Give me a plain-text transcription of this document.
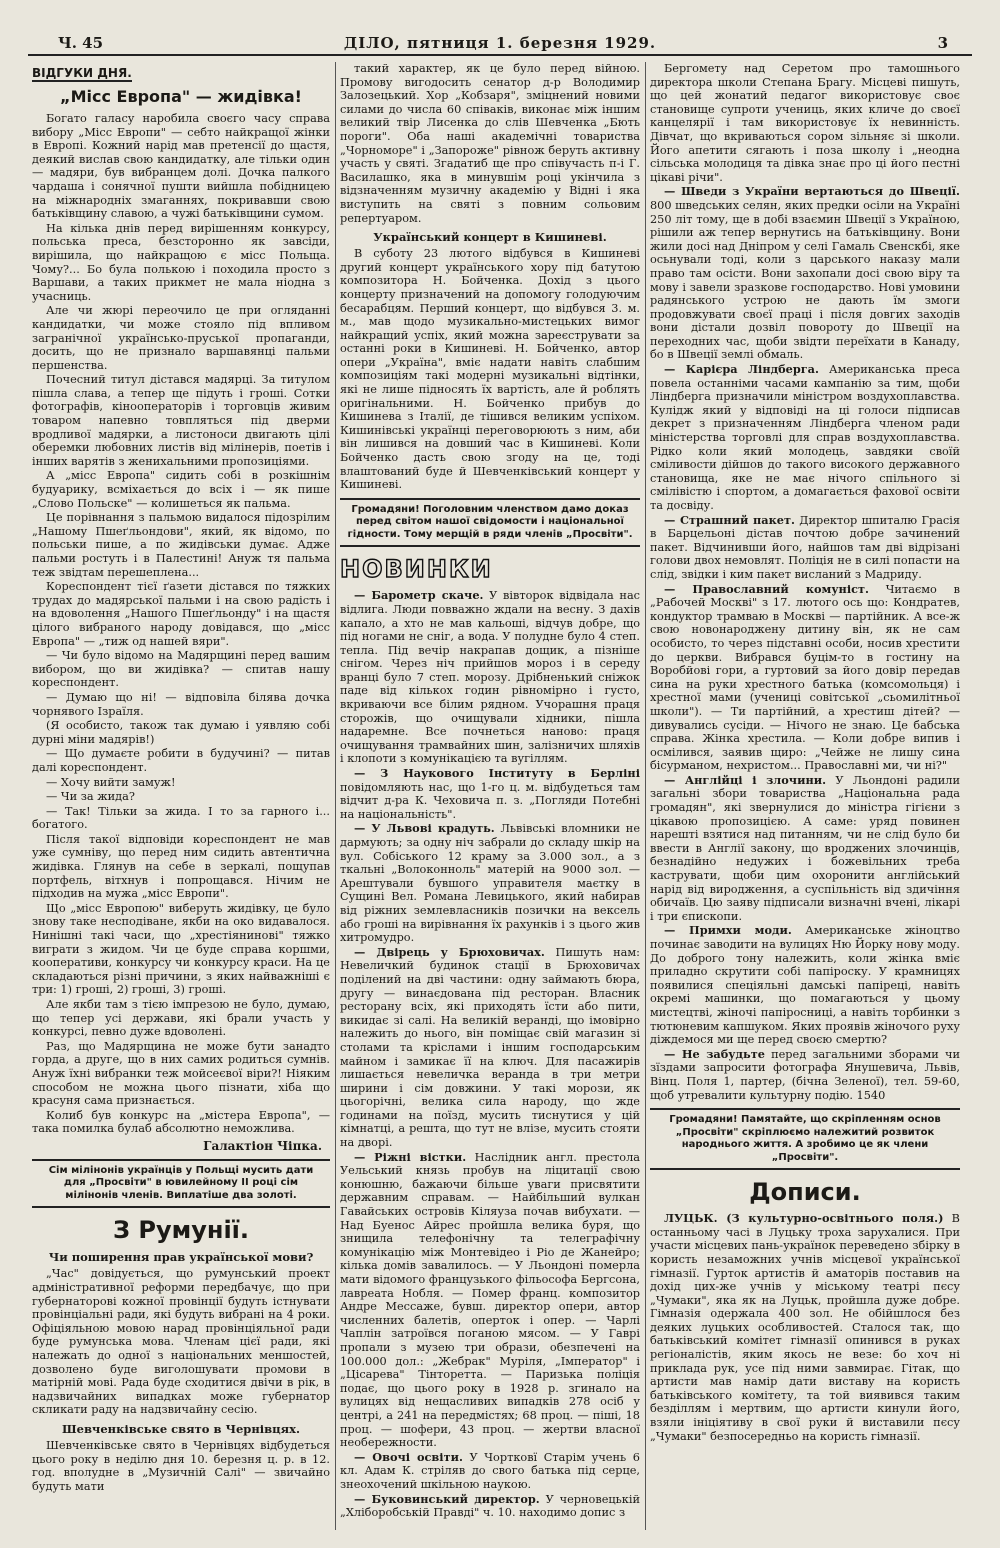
Ч. 45	ДІЛО, пятниця 1. березня 1929.	3
ВІДГУКИ ДНЯ.
„Місс Европа" — жидівка!

Богато галасу наробила своєго часу справа вибору „Місс Европи" — себто найкращої жінки в Европі. Кожний нарід мав претенсії до щастя, деякий вислав свою кандидатку, але тільки один — мадяри, був вибранцем долі. Дочка палкого чардаша і сонячної пушти вийшла побідницею на міжнародніх змаганнях, покривавши свою батьківщину славою, а чужі батьківщини сумом.

На кілька днів перед вирішенням конкурсу, польська преса, безсторонно як завсіди, вирішила, що найкращою є місс Польща. Чому?... Бо була полькою і походила просто з Варшави, а таких прикмет не мала ніодна з учасниць.

Але чи жюрі переочило це при огляданні кандидатки, чи може стояло під впливом загранічної українсько-пруської пропаганди, досить, що не признало варшавянці пальми першенства.

Почесний титул дістався мадярці. За титулом пішла слава, а тепер ще підуть і гроші. Сотки фотографів, кінооператорів і торговців живим товаром напевно товпляться під дверми вродливої мадярки, а листоноси двигають цілі оберемки любовних листів від мілінерів, поетів і інших варятів з женихальними пропозиціями.

А „місс Европа" сидить собі в розкішнім будуарику, всміхається до всіх і — як пише „Слово Польске" — колишеться як пальма.

Це порівнання з пальмою видалося підозрілим „Нашому Пшеґльондови", який, як відомо, по польськи пише, а по жидівськи думає. Адже пальми ростуть і в Палестині! Ануж тя пальма теж звідтам перешеплена...

Кореспондент тієї ґазети дістався по тяжких трудах до мадярської пальми і на свою радість і на вдоволення „Нашого Пшеґльонду" і на щастя цілого вибраного народу довідався, що „місс Европа" — „тиж од нашей вяри".

— Чи було відомо на Мадярщині перед вашим вибором, що ви жидівка? — спитав нашу кореспондент.

— Думаю що ні! — відповіла білява дочка чорнявого Ізраїля.

(Я особисто, також так думаю і уявляю собі дурні міни мадярів!)

— Що думаєте робити в будучині? — питав далі кореспондент.

— Хочу вийти замуж!

— Чи за жида?

— Так! Тільки за жида. І то за гарного і... богатого.

Після такої відповіди кореспондент не мав уже сумніву, що перед ним сидить автентична жидівка. Глянув на себе в зеркалі, пощупав портфель, вітхнув і попрощався. Нічим не підходив на мужа „місс Европи".

Що „місс Европою" виберуть жидівку, це було знову таке несподіване, якби на око видавалося. Нинішні такі часи, що „хрестіянинові" тяжко виграти з жидом. Чи це буде справа коршми, кооперативи, конкурсу чи конкурсу краси. На це складаються різні причини, з яких найважніші є три: 1) гроші, 2) гроші, 3) гроші.

Але якби там з тією імпрезою не було, думаю, що тепер усі держави, які брали участь у конкурсі, певно дуже вдоволені.

Раз, що Мадярщина не може бути занадто горда, а друге, що в них самих родиться сумнів. Ануж їхні вибранки теж мойсеєвої віри?! Ніяким способом не можна цього пізнати, хіба що красуня сама признається.

Колиб був конкурс на „містера Европа", — така помилка булаб абсолютно неможлива.

Галактіон Чіпка.
Сім мілінонів українців у Польщі мусить дати для „Просвіти" в ювилейному ІІ році сім мілінонів членів. Виплатіше два золоті.
З Румунії.
Чи поширення прав української мови?

„Час" довідується, що румунський проект адміністративної реформи передбачує, що при губернаторові кожної провінції будуть істнувати провінціальні ради, які будуть вибрані на 4 роки. Офіціяльною мовою нарад провінціяльної ради буде румунська мова. Членам цієї ради, які належать до одної з національних меншостей, дозволено буде виголошувати промови в матірній мові. Рада буде сходитися двічи в рік, в надзвичайних випадках може губернатор скликати раду на надзвичайну сесію.

Шевченківське свято в Чернівцях.

Шевченківське свято в Чернівцях відбудеться цього року в неділю дня 10. березня ц. р. в 12. год. вполудне в „Музичній Салі" — звичайно будуть мати

такий характер, як це було перед війною. Промову вигодосить сенатор д-р Володимир Залозецький. Хор „Кобзаря", зміцнений новими силами до числа 60 співаків, виконає між іншим великий твір Лисенка до слів Шевченка „Бють пороги". Оба наші академічні товариства „Чорноморе" і „Запороже" рівнож беруть активну участь у святі. Згадатиб ще про співучасть п-і Г. Василашко, яка в минувшім році укінчила з відзначенням музичну академію у Відні і яка виступить на святі з повним сольовим репертуаром.

Український концерт в Кишиневі.

В суботу 23 лютого відбувся в Кишиневі другий концерт українського хору під батутою композитора Н. Бойченка. Дохід з цього концерту призначений на допомогу голодуючим бесарабцям. Перший концерт, що відбувся 3. м. м., мав щодо музикально-мистецьких вимог найкращий успіх, який можна зареєструвати за останні роки в Кишиневі. Н. Бойченко, автор опери „Україна", вміє надати навіть слабшим композиціям такі модерні музикальні відтінки, які не лише підносять їх вартість, але й роблять оригінальними. Н. Бойченко прибув до Кишинева з Італії, де тішився великим успіхом. Кишинівські українці переговорюють з ним, аби він лишився на довший час в Кишиневі. Коли Бойченко дасть свою згоду на це, тоді влаштований буде й Шевченківський концерт у Кишиневі.

Громадяни! Поголовним членством дамо доказ перед світом нашої свідомости і національної гідности. Тому мерщій в ряди членів „Просвіти".
НОВИНКИ

— Барометр скаче. У вівторок відвідала нас відлига. Люди повважно ждали на весну. З дахів капало, а хто не мав кальоші, відчув добре, що під ногами не сніг, а вода. У полудне було 4 степ. тепла. Під вечір накрапав дощик, а пізніше снігом. Через ніч прийшов мороз і в середу вранці було 7 степ. морозу. Дрібненький сніжок паде від кількох годин рівномірно і густо, вкриваючи все білим рядном. Учорашня праця сторожів, що очищували хідники, пішла надаремне. Все почнеться наново: праця очищування трамвайних шин, залізничих шляхів і клопоти з комунікацією та вугіллям.

— З Наукового Інституту в Берліні повідомляють нас, що 1-го ц. м. відбудеться там відчит д-ра К. Чеховича п. з. „Погляди Потебні на національність".

— У Львові крадуть. Львівські вломники не дармують; за одну ніч забрали до складу шкір на вул. Собіського 12 краму за 3.000 зол., а з ткальні „Волоконноль" матерій на 9000 зол. — Арештували бувшого управителя маєтку в Сущині Вел. Романа Левицького, який набирав від ріжних землевласників позички на вексель або гроші на вирівнання їх рахунків і з цього жив хитромудро.

— Двірець у Брюховичах. Пишуть нам: Невеличкий будинок стації в Брюховичах поділений на дві частини: одну займають бюра, другу — винаєдована під ресторан. Власник ресторану всіх, які приходять їсти або пити, викидає зі салі. На великій веранді, що імовірно належить до нього, він поміщає свій магазин зі столами та кріслами і іншим господарським майном і замикає її на ключ. Для пасажирів лишається невеличка веранда в три метри ширини і сім довжини. У такі морози, як цьогорічні, велика сила народу, що жде годинами на поїзд, мусить тиснутися у цій кімнатці, а решта, що тут не влізе, мусить стояти на дворі.

— Ріжні вістки. Наслідник англ. престола Уельський князь пробув на ліцитації свою конюшню, бажаючи більше уваги присвятити державним справам. — Найбільший вулкан Гавайських островів Кіляуза почав вибухати. — Над Буенос Айрес пройшла велика буря, що знищила телефонічну та телеграфічну комунікацію між Монтевідео і Ріо де Жанейро; кілька домів завалилось. — У Льондоні померла мати відомого французького фільософа Бергсона, лавреата Нобля. — Помер франц. композитор Андре Мессаже, бувш. директор опери, автор численних балетів, оперток і опер. — Чарлі Чаплін затроївся поганою мясом. — У Гаврі пропали з музею три образи, обезпечені на 100.000 дол.: „Жебрак" Муріля, „Імператор" і „Цісарева" Тінторетта. — Паризька поліція подає, що цього року в 1928 р. згинало на вулицях від нещасливих випадків 278 осіб у центрі, а 241 на передмістях; 68 проц. — піші, 18 проц. — шофери, 43 проц. — жертви власної необережности.

— Овочі освіти. У Чортковї Старім учень 6 кл. Адам К. стріляв до свого батька під серце, знеохочений шкільною наукою.

— Буковинський директор. У черновецькій „Хліборобській Правді" ч. 10. находимо допис з

Бергомету над Серетом про тамошнього директора школи Степана Брагу. Місцеві пишуть, що цей жонатий педагог використовує своє становище супроти учениць, яких кличе до своєї канцелярії і там використовує їх невинність. Дівчат, що вкриваються сором зільняє зі школи. Його апетити сягають і поза школу і „неодна сільська молодиця та дівка знає про ці його пестні цікаві річи".

— Шведи з України вертаються до Швеції. 800 шведських селян, яких предки осіли на Україні 250 літ тому, ще в добі взаємин Швеції з Україною, рішили аж тепер вернутись на батьківщину. Вони жили досі над Дніпром у селі Гамаль Свенскбі, яке осьнували тоді, коли з царського наказу мали право там осісти. Вони захопали досі свою віру та мову і завели зразкове господарство. Нові умовини радянського устрою не дають їм змоги продовжувати своєї праці і після довгих заходів вони дістали дозвіл повороту до Швеції на переходних час, щоби звідти переїхати в Канаду, бо в Швеції землі обмаль.

— Карієра Ліндберга. Американська преса повела останніми часами кампанію за тим, щоби Ліндберга призначили міністром воздухоплавства. Кулідж який у відповіді на ці голоси підписав декрет з призначенням Ліндберга членом ради міністерства торговлі для справ воздухоплавства. Рідко коли який молодець, завдяки своїй сміливости дійшов до такого високого державного становища, яке не має нічого спільного зі смілівістю і спортом, а домагається фахової освіти та досвіду.

— Страшний пакет. Директор шпиталю Грасія в Барцельоні дістав почтою добре зачинений пакет. Відчинивши його, найшов там дві відрізані голови двох немовлят. Поліція не в силі попасти на слід, звідки і ким пакет висланий з Мадриду.

— Православний комуніст. Читаємо в „Рабочей Москві" з 17. лютого ось що: Кондратев, кондуктор трамваю в Москві — партійник. А все-ж свою новонароджену дитину він, як не сам особисто, то через підставні особи, носив хрестити до церкви. Вибрався буцім-то в гостину на Воробйові гори, а гуртовий за його довір передав сина на руки хрестного батька (комсомольця) і хрестної мами (учениці совітської „сьомилітньої школи"). — Ти партійний, а хрестиш дітей? — дивувались сусіди. — Нічого не знаю. Це бабська справа. Жінка хрестила. — Коли добре випив і осмілився, заявив щиро: „Чейже не лишу сина бісурманом, нехристом... Православні ми, чи ні?"

— Англійці і злочини. У Льондоні радили загальні збори товариства „Національна рада громадян", які звернулися до міністра гігієни з цікавою пропозицією. А саме: уряд повинен нарешті взятися над питанням, чи не слід було би ввести в Англії закону, що вроджених злочинців, безнадійно недужих і божевільних треба каструвати, щоби цим охоронити англійський нарід від виродження, а суспільність від здичіння обичаїв. Цю заяву підписали визначні вчені, лікарі і три єпископи.

— Примхи моди. Американське жіноцтво починає заводити на вулицях Ню Йорку нову моду. До доброго тону належить, коли жінка вміє приладно скрутити собі папіроску. У крамницях появилися спеціяльні дамські папіреці, навіть окремі машинки, що помагаються у цьому мистецтві, жіночі папіросниці, а навіть торбинки з тютюневим капшуком. Яких проявів жіночого руху діждемося ми ще перед своєю смертю?

— Не забудьте перед загальними зборами чи зїздами запросити фотографа Янушевича, Львів, Вінц. Поля 1, партер, (бічна Зеленої), тел. 59-60, щоб утревалити культурну подію. 1540

Громадяни! Памятайте, що скріпленням основ „Просвіти" скріплюємо належитий розвиток народнього життя. А зробимо це як члени „Просвіти".
Дописи.

ЛУЦЬК. (З культурно-освітнього поля.) В останньому часі в Луцьку троха зарухалися. При участи місцевих пань-українок переведено збірку в користь незаможних учнів місцевої української гімназії. Гурток артистів й аматорів поставив на дохід цих-же учнів у міському театрі пєсу „Чумаки", яка як на Луцьк, пройшла дуже добре. Гімназія одержала 400 зол. Не обійшлося без деяких луцьких особливостей. Сталося так, що батьківський комітет гімназії опинився в руках регіоналістів, яким якось не везе: бо хоч ні приклада рук, усе під ними завмирає. Гітак, що артисти мав намір дати виставу на користь батьківського комітету, та той виявився таким безділлям і мертвим, що артисти кинули його, взяли ініціятиву в свої руки й виставили пєсу „Чумаки" безпосередньо на користь гімназії.
